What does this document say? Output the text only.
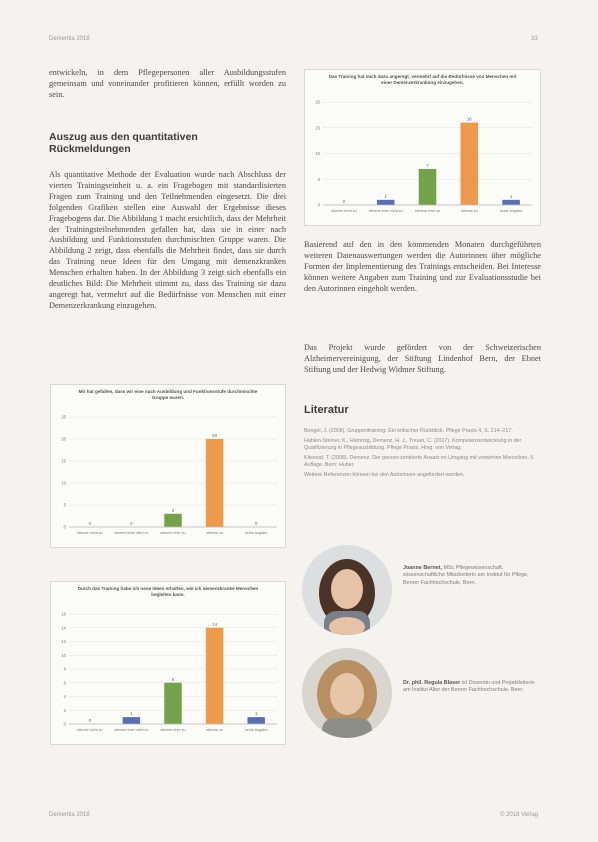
Dementia 2018	33

entwickeln, in dem Pflegepersonen aller Ausbildungsstufen gemeinsam und voneinander profitieren können, erfüllt worden zu sein.

Auszug aus den quantitativen Rückmeldungen

Als quantitative Methode der Evaluation wurde nach Abschluss der vierten Trainingseinheit u. a. ein Fragebogen mit standardisierten Fragen zum Training und den Teilnehmenden eingesetzt. Die drei folgenden Grafiken stellen eine Auswahl der Ergebnisse dieses Fragebogens dar. Die Abbildung 1 macht ersichtlich, dass der Mehrheit der Trainingsteilnehmenden gefallen hat, dass sie in einer nach Ausbildung und Funktionsstufen durchmischten Gruppe waren. Die Abbildung 2 zeigt, dass ebenfalls die Mehrheit findet, dass sie durch das Training neue Ideen für den Umgang mit demenzkranken Menschen erhalten haben. In der Abbildung 3 zeigt sich ebenfalls ein deutliches Bild: Die Mehrheit stimmt zu, dass das Training sie dazu angeregt hat, vermehrt auf die Bedürfnisse von Menschen mit einer Demenzerkrankung einzugehen.

Mir hat gefallen, dass wir eine nach Ausbildung und Funktionsstufe durchmischte Gruppe waren.
0
5
10
15
20
25
0
stimme nicht zu
0
stimme eher nicht zu
3
stimme eher zu
20
stimme zu
0
keine Angabe
Durch das Training habe ich neue Ideen erhalten, wie ich demenzkranke Menschen begleiten kann.
0
2
4
6
8
10
12
14
16
0
stimme nicht zu
1
stimme eher nicht zu
6
stimme eher zu
14
stimme zu
1
keine Angabe
Das Training hat mich dazu angeregt, vermehrt auf die Bedürfnisse von Menschen mit einer Demenzerkrankung einzugehen.
0
5
10
15
20
0
stimme nicht zu
1
stimme eher nicht zu
7
stimme eher zu
16
stimme zu
1
keine Angabe

Basierend auf den in den kommenden Monaten durchgeführten weiteren Datenauswertungen werden die Autorinnen über mögliche Formen der Implementierung des Trainings entscheiden. Bei Interesse können weitere Angaben zum Training und zur Evaluationsstudie bei den Autorinnen eingeholt werden.

Das Projekt wurde gefördert von der Schweizerischen Alzheimervereinigung, der Stiftung Lindenhof Bern, der Ebnet Stiftung und der Hedwig Widmer Stiftung.

Literatur

Bengel, J. (2008). Gruppentraining: Ein kritischer Rückblick. Pflege Praxis 4, S. 214–217.

Hahlen-Steiner, K., Hämmig, Demenz, H. J., Treuer, C. (2017). Kompetenzentwicklung in der Qualifizierung in Pflegeausbildung. Pflege Praxis, Hrsg. von Verlag.

Kitwood, T. (2008). Demenz. Der person-zentrierte Ansatz im Umgang mit verwirrten Menschen. 5. Auflage. Bern: Huber.

Weitere Referenzen können bei den Autorinnen angefordert werden.

Joanne Bernet, MSc Pflegewissenschaft, wissenschaftliche Mitarbeiterin am Institut für Pflege, Berner Fachhochschule, Bern.
Dr. phil. Regula Blaser ist Dozentin und Projektleiterin am Institut Alter der Berner Fachhochschule, Bern.
Dementia 2018	© 2018 Verlag
